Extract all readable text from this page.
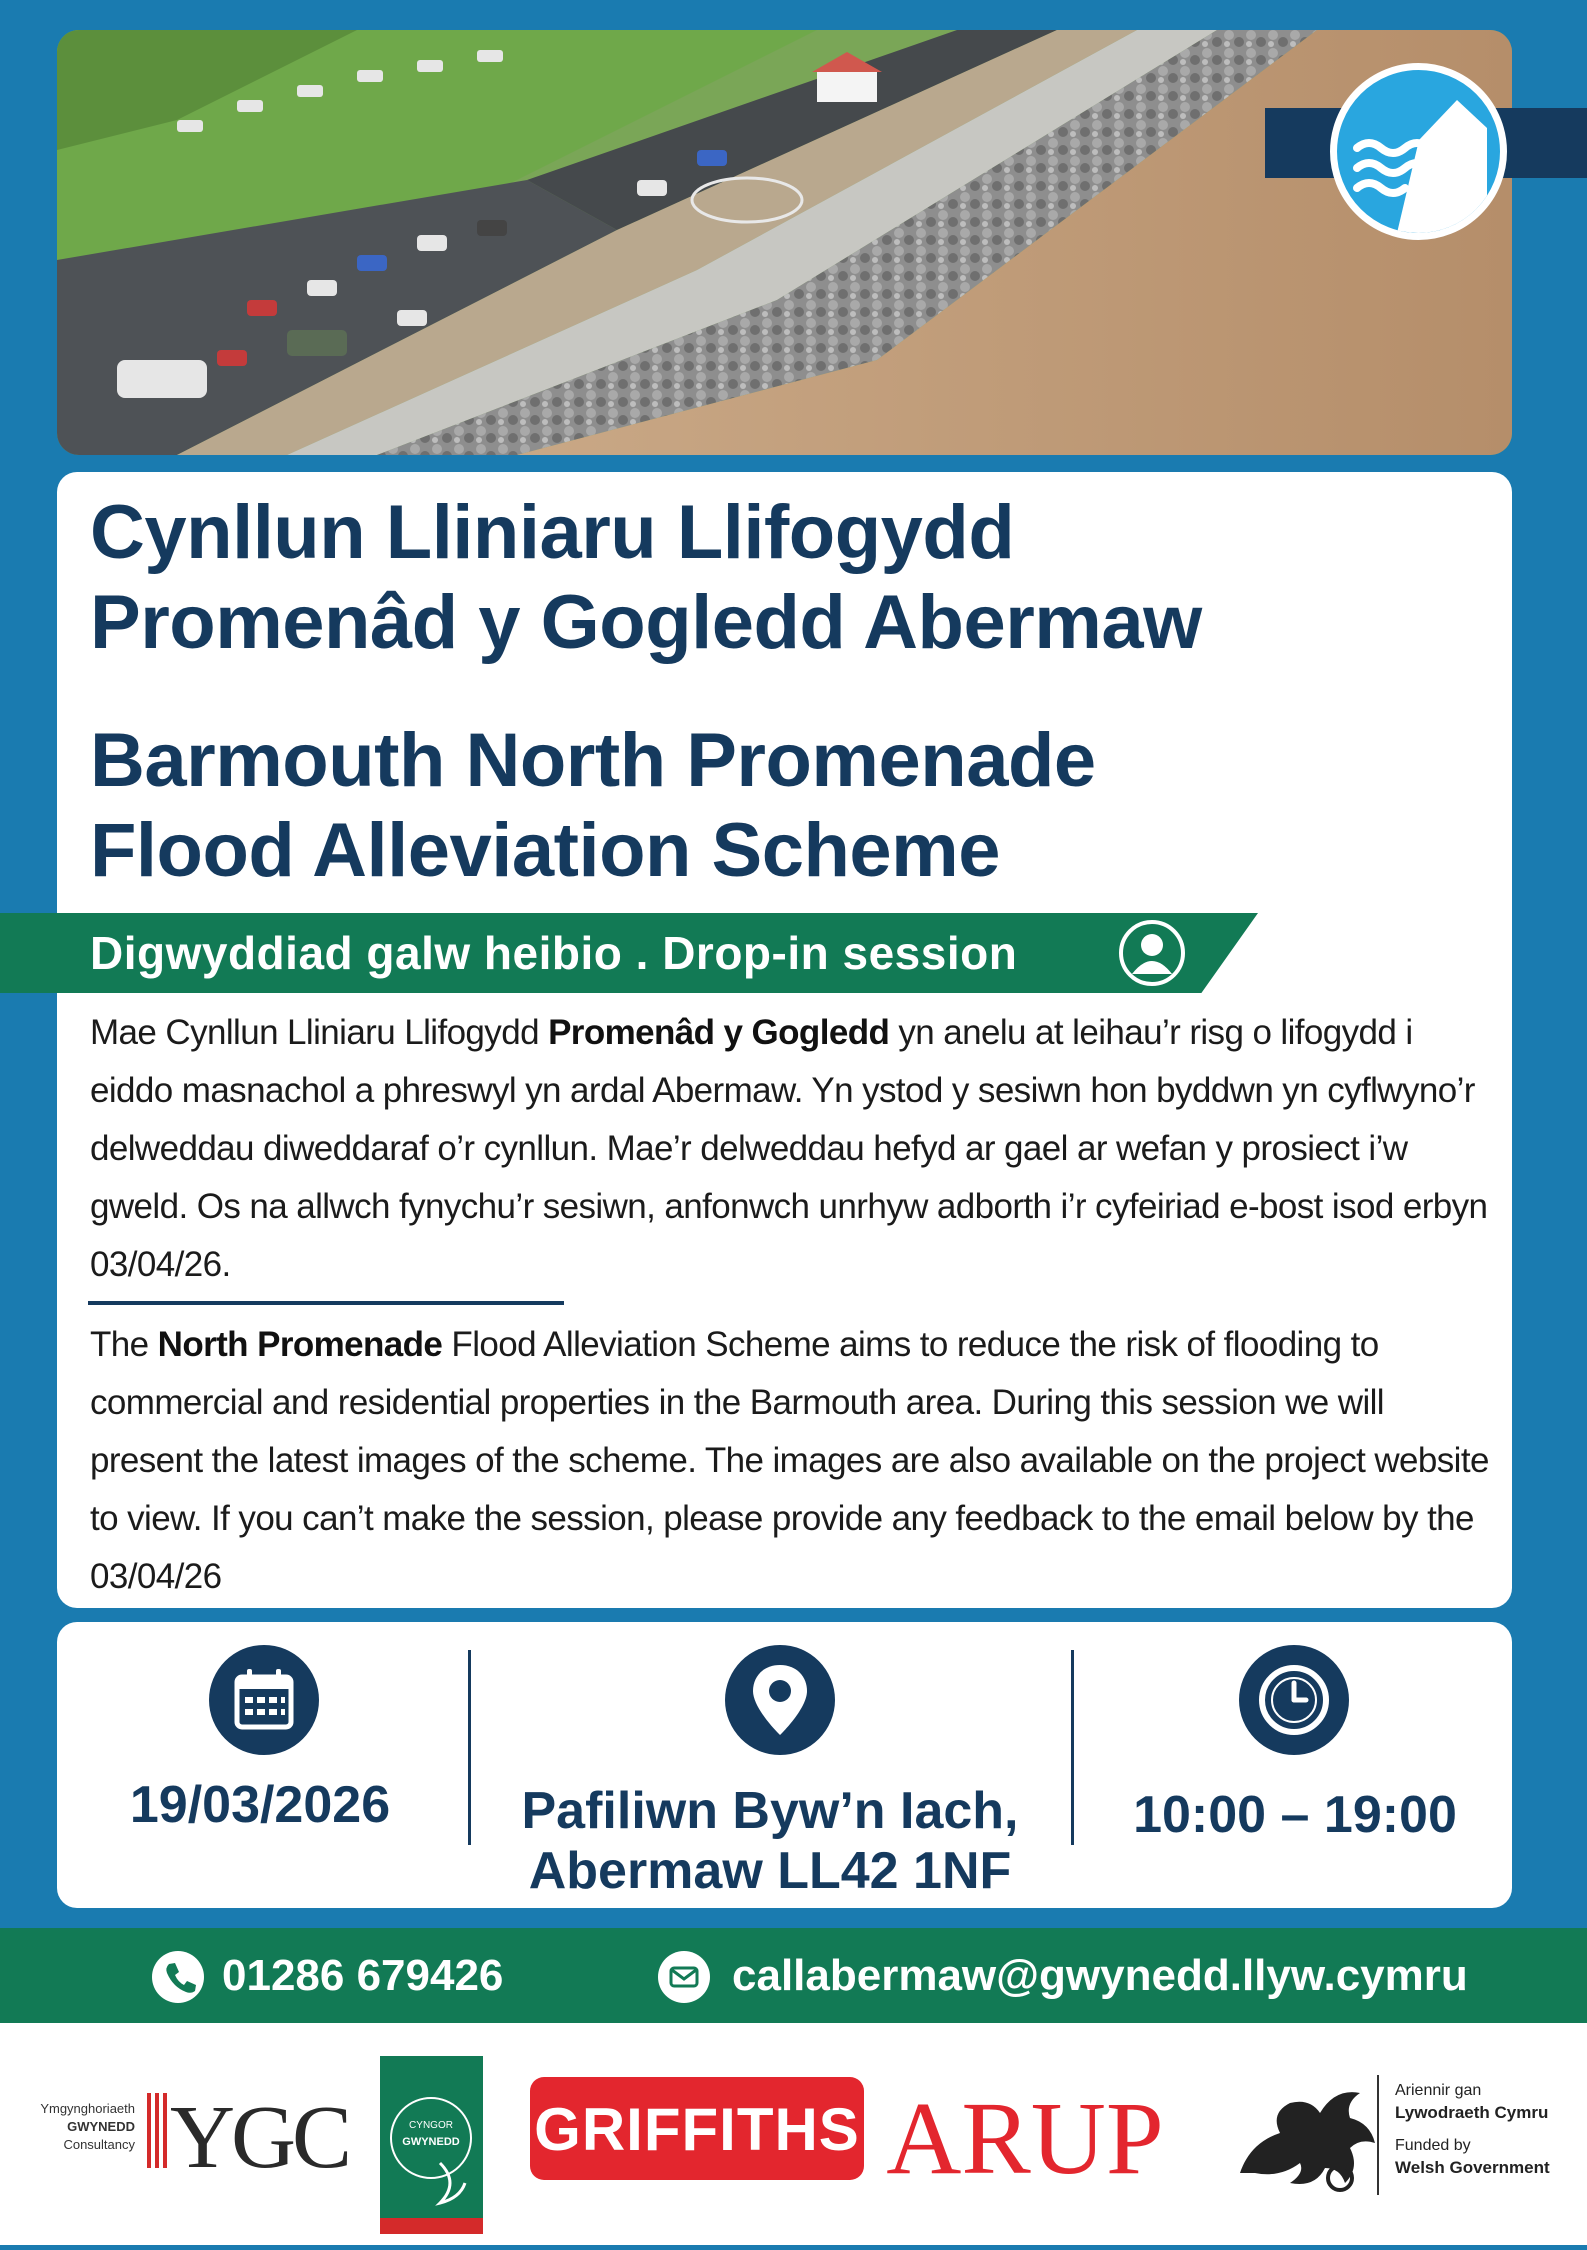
Cynllun Lliniaru Llifogydd
Promenâd y Gogledd Abermaw
Barmouth North Promenade
Flood Alleviation Scheme
Digwyddiad galw heibio . Drop-in session
Mae Cynllun Lliniaru Llifogydd Promenâd y Gogledd yn anelu at leihau’r risg o lifogydd i eiddo masnachol a phreswyl yn ardal Abermaw. Yn ystod y sesiwn hon byddwn yn cyflwyno’r delweddau diweddaraf o’r cynllun. Mae’r delweddau hefyd ar gael ar wefan y prosiect i’w gweld. Os na allwch fynychu’r sesiwn, anfonwch unrhyw adborth i’r cyfeiriad e-bost isod erbyn 03/04/26.
The North Promenade Flood Alleviation Scheme aims to reduce the risk of flooding to commercial and residential properties in the Barmouth area. During this session we will present the latest images of the scheme. The images are also available on the project website to view. If you can’t make the session, please provide any feedback to the email below by the 03/04/26
19/03/2026	Pafiliwn Byw’n Iach,
Abermaw LL42 1NF
10:00 – 19:00
01286 679426	callabermaw@gwynedd.llyw.cymru
Ymgynghoriaeth
GWYNEDD
Consultancy YGC	CYNGOR
GWYNEDD GRIFFITHS ARUP	Ariennir gan
Lywodraeth Cymru
Funded by
Welsh Government
